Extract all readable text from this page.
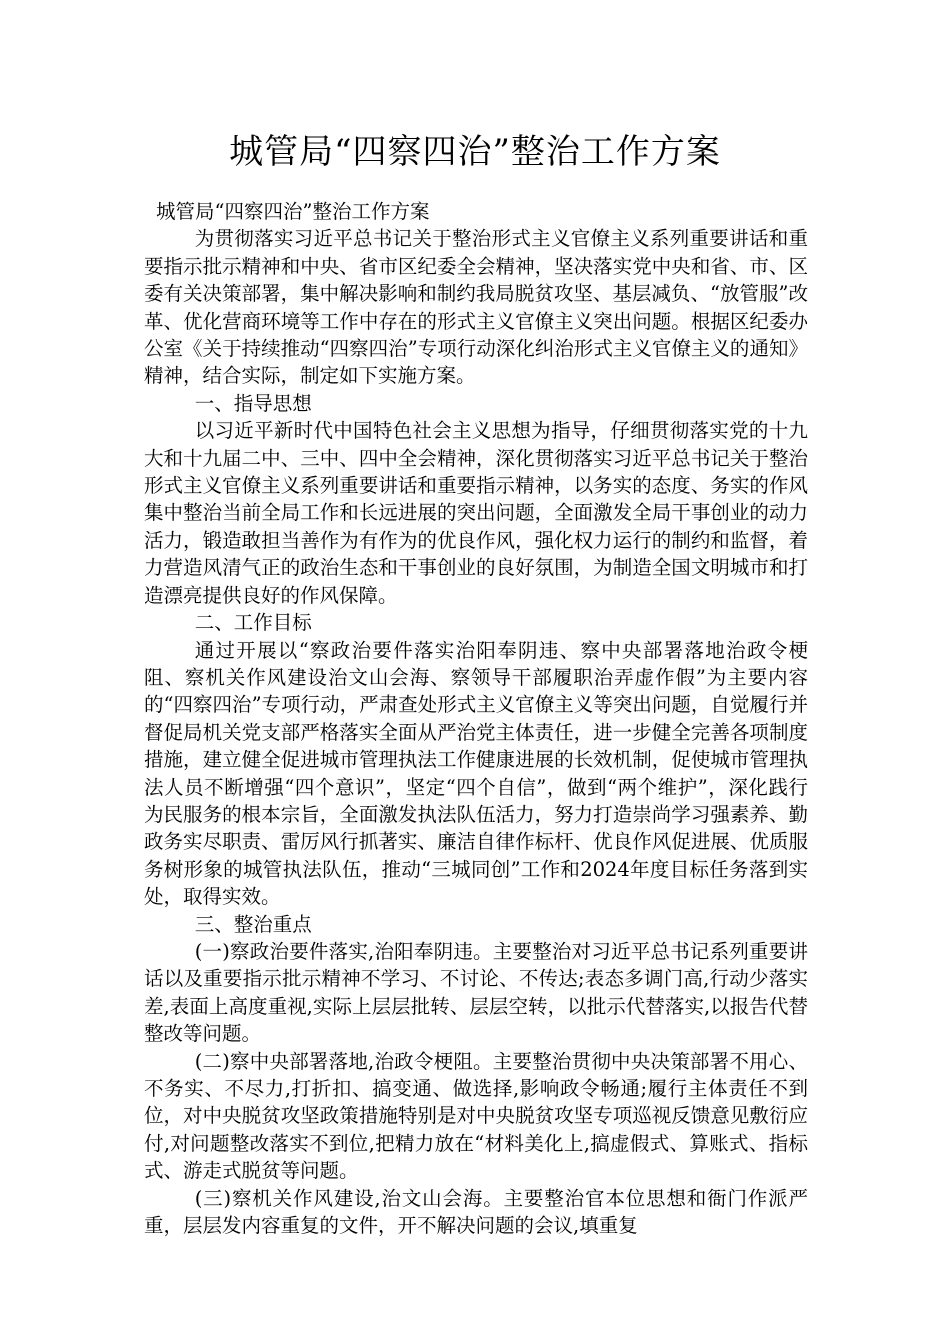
城管局“四察四治”整治工作方案

城管局“四察四治”整治工作方案

为贯彻落实习近平总书记关于整治形式主义官僚主义系列重要讲话和重要指示批示精神和中央、省市区纪委全会精神，坚决落实党中央和省、市、区委有关决策部署，集中解决影响和制约我局脱贫攻坚、基层减负、“放管服”改革、优化营商环境等工作中存在的形式主义官僚主义突出问题。根据区纪委办公室《关于持续推动“四察四治”专项行动深化纠治形式主义官僚主义的通知》精神，结合实际，制定如下实施方案。

一、指导思想

以习近平新时代中国特色社会主义思想为指导，仔细贯彻落实党的十九大和十九届二中、三中、四中全会精神，深化贯彻落实习近平总书记关于整治形式主义官僚主义系列重要讲话和重要指示精神，以务实的态度、务实的作风集中整治当前全局工作和长远进展的突出问题，全面激发全局干事创业的动力活力，锻造敢担当善作为有作为的优良作风，强化权力运行的制约和监督，着力营造风清气正的政治生态和干事创业的良好氛围，为制造全国文明城市和打造漂亮提供良好的作风保障。

二、工作目标

通过开展以“察政治要件落实治阳奉阴违、察中央部署落地治政令梗阻、察机关作风建设治文山会海、察领导干部履职治弄虚作假”为主要内容的“四察四治”专项行动，严肃查处形式主义官僚主义等突出问题，自觉履行并督促局机关党支部严格落实全面从严治党主体责任，进一步健全完善各项制度措施，建立健全促进城市管理执法工作健康进展的长效机制，促使城市管理执法人员不断增强“四个意识”，坚定“四个自信”，做到“两个维护”，深化践行为民服务的根本宗旨，全面激发执法队伍活力，努力打造崇尚学习强素养、勤政务实尽职责、雷厉风行抓著实、廉洁自律作标杆、优良作风促进展、优质服务树形象的城管执法队伍，推动“三城同创”工作和2024年度目标任务落到实处，取得实效。

三、整治重点

(一)察政治要件落实,治阳奉阴违。主要整治对习近平总书记系列重要讲话以及重要指示批示精神不学习、不讨论、不传达;表态多调门高,行动少落实差,表面上高度重视,实际上层层批转、层层空转，以批示代替落实,以报告代替整改等问题。

(二)察中央部署落地,治政令梗阻。主要整治贯彻中央决策部署不用心、不务实、不尽力,打折扣、搞变通、做选择,影响政令畅通;履行主体责任不到位，对中央脱贫攻坚政策措施特别是对中央脱贫攻坚专项巡视反馈意见敷衍应付,对问题整改落实不到位,把精力放在“材料美化上,搞虚假式、算账式、指标式、游走式脱贫等问题。

(三)察机关作风建设,治文山会海。主要整治官本位思想和衙门作派严重，层层发内容重复的文件，开不解决问题的会议,填重复
